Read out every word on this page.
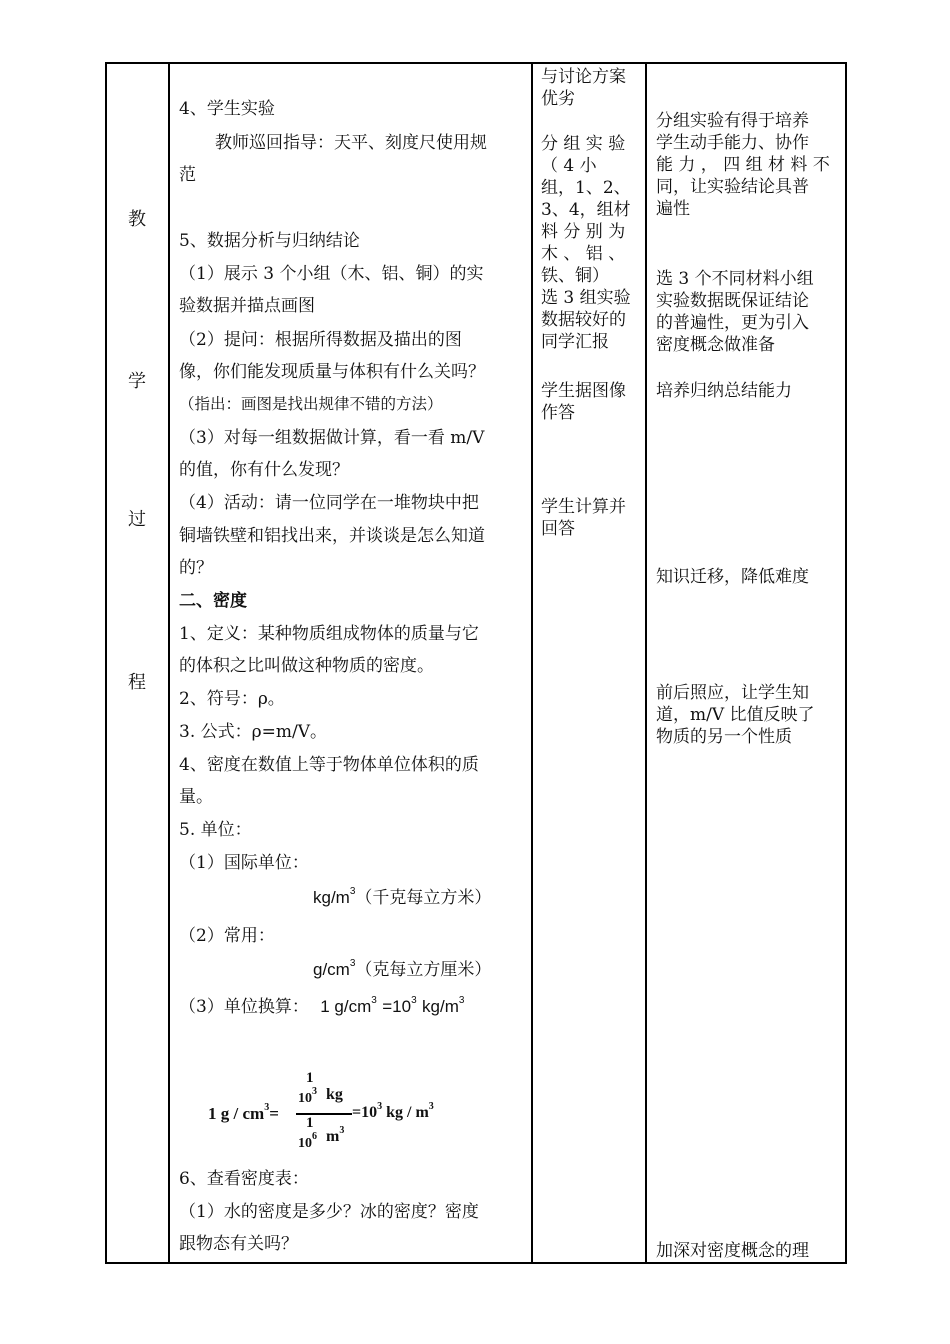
教
学
过
程
4、学生实验
教师巡回指导：天平、刻度尺使用规
范
5、数据分析与归纳结论
（1）展示 3 个小组（木、铝、铜）的实
验数据并描点画图
（2）提问：根据所得数据及描出的图
像，你们能发现质量与体积有什么关吗？
（指出：画图是找出规律不错的方法）
（3）对每一组数据做计算，看一看 m/V
的值，你有什么发现？
（4）活动：请一位同学在一堆物块中把
铜墙铁壁和铝找出来，并谈谈是怎么知道
的？
二、密度
1、定义：某种物质组成物体的质量与它
的体积之比叫做这种物质的密度。
2、符号：ρ。
3. 公式：ρ=m/V。
4、密度在数值上等于物体单位体积的质
量。
5. 单位：
（1）国际单位：
$kg/m^3$（千克每立方米）
（2）常用：
$g/cm^3$（克每立方厘米）
（3）单位换算： 1 $g/cm^3 =10^3$ $kg/m^3$
1 $g / cm^3=$
1
$10^3$
1
$10^6$
kg
$m^3$
$=10^3$ kg / $m^3$
6、查看密度表：
（1）水的密度是多少？冰的密度？密度
跟物态有关吗？
与讨论方案
优劣
分 组 实 验
（ 4 小
组，1、2、
3、4，组材
料 分 别 为
木 、 铝 、
铁、铜）
选 3 组实验
数据较好的
同学汇报
学生据图像
作答
学生计算并
回答
分组实验有得于培养
学生动手能力、协作
能 力 ， 四 组 材 料 不
同，让实验结论具普
遍性
选 3 个不同材料小组
实验数据既保证结论
的普遍性，更为引入
密度概念做准备
培养归纳总结能力
知识迁移，降低难度
前后照应，让学生知
道，m/V 比值反映了
物质的另一个性质
加深对密度概念的理
